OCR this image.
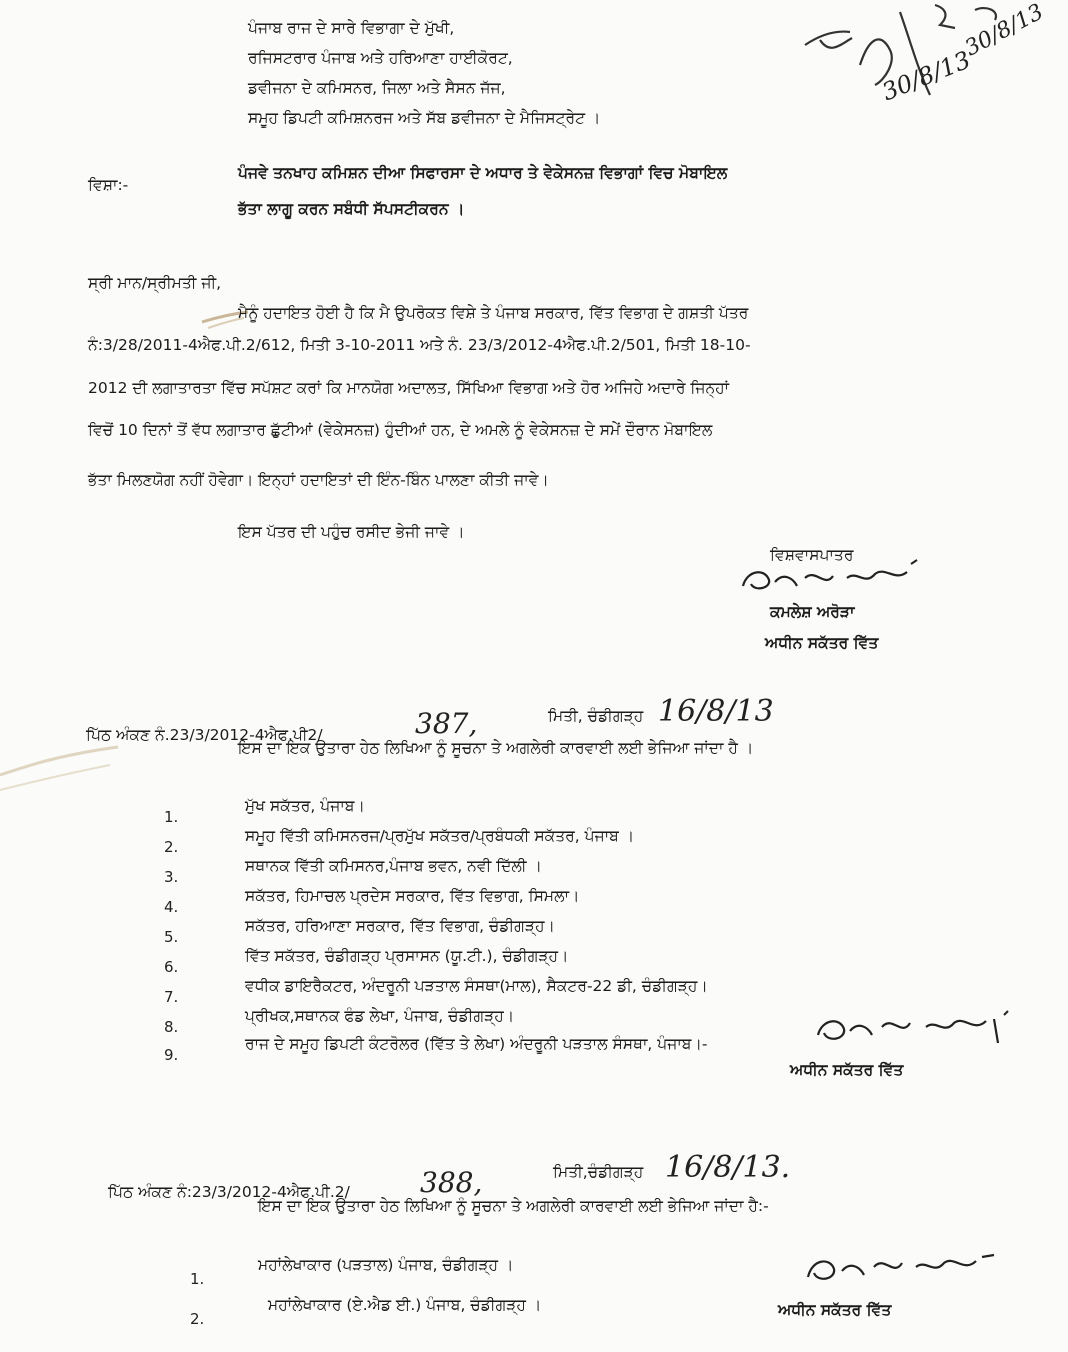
30/8/13
30/8/13
ਪੰਜਾਬ ਰਾਜ ਦੇ ਸਾਰੇ ਵਿਭਾਗਾ ਦੇ ਮੁੱਖੀ,
ਰਜਿਸਟਰਾਰ ਪੰਜਾਬ ਅਤੇ ਹਰਿਆਣਾ ਹਾਈਕੋਰਟ,
ਡਵੀਜਨਾ ਦੇ ਕਮਿਸਨਰ, ਜਿਲਾ ਅਤੇ ਸੈਸਨ ਜੱਜ,
ਸਮੂਹ ਡਿਪਟੀ ਕਮਿਸ਼ਨਰਜ ਅਤੇ ਸੱਬ ਡਵੀਜਨਾ ਦੇ ਮੈਜਿਸਟ੍ਰੇਟ ।
ਵਿਸ਼ਾ:-
ਪੰਜਵੇ ਤਨਖਾਹ ਕਮਿਸ਼ਨ ਦੀਆ ਸਿਫਾਰਸਾ ਦੇ ਅਧਾਰ ਤੇ ਵੇਕੇਸਨਜ਼ ਵਿਭਾਗਾਂ ਵਿਚ ਮੋਬਾਇਲ
ਭੱਤਾ ਲਾਗੂ ਕਰਨ ਸਬੰਧੀ ਸੱਪਸਟੀਕਰਨ ।
ਸ੍ਰੀ ਮਾਨ/ਸ੍ਰੀਮਤੀ ਜੀ,
ਮੈਨੂੰ ਹਦਾਇਤ ਹੋਈ ਹੈ ਕਿ ਮੈ ਉਪਰੋਕਤ ਵਿਸ਼ੇ ਤੇ ਪੰਜਾਬ ਸਰਕਾਰ, ਵਿੱਤ ਵਿਭਾਗ ਦੇ ਗਸ਼ਤੀ ਪੱਤਰ
ਨੰ:3/28/2011-4ਐਫ.ਪੀ.2/612, ਮਿਤੀ 3-10-2011 ਅਤੇ ਨੰ. 23/3/2012-4ਐਫ.ਪੀ.2/501, ਮਿਤੀ 18-10-
2012 ਦੀ ਲਗਾਤਾਰਤਾ ਵਿੱਚ ਸਪੱਸ਼ਟ ਕਰਾਂ ਕਿ ਮਾਨਯੋਗ ਅਦਾਲਤ, ਸਿੱਖਿਆ ਵਿਭਾਗ ਅਤੇ ਹੋਰ ਅਜਿਹੇ ਅਦਾਰੇ ਜਿਨ੍ਹਾਂ
ਵਿਚੋਂ 10 ਦਿਨਾਂ ਤੋਂ ਵੱਧ ਲਗਾਤਾਰ ਛੁੱਟੀਆਂ (ਵੇਕੇਸਨਜ਼) ਹੁੰਦੀਆਂ ਹਨ, ਦੇ ਅਮਲੇ ਨੂੰ ਵੇਕੇਸਨਜ਼ ਦੇ ਸਮੇਂ ਦੌਰਾਨ ਮੋਬਾਇਲ
ਭੱਤਾ ਮਿਲਣਯੋਗ ਨਹੀਂ ਹੋਵੇਗਾ। ਇਨ੍ਹਾਂ ਹਦਾਇਤਾਂ ਦੀ ਇੰਨ-ਬਿੰਨ ਪਾਲਣਾ ਕੀਤੀ ਜਾਵੇ।
ਇਸ ਪੱਤਰ ਦੀ ਪਹੁੰਚ ਰਸੀਦ ਭੇਜੀ ਜਾਵੇ ।
ਵਿਸ਼ਵਾਸਪਾਤਰ
ਕਮਲੇਸ਼ ਅਰੋੜਾ
ਅਧੀਨ ਸਕੱਤਰ ਵਿੱਤ
ਪਿੱਠ ਅੰਕਣ ਨੰ.23/3/2012-4ਐਫ.ਪੀ2/	387,	ਮਿਤੀ, ਚੰਡੀਗੜ੍ਹ 16/8/13
ਇਸ ਦਾ ਇਕ ਉਤਾਰਾ ਹੇਠ ਲਿਖਿਆ ਨੂੰ ਸੂਚਨਾ ਤੇ ਅਗਲੇਰੀ ਕਾਰਵਾਈ ਲਈ ਭੇਜਿਆ ਜਾਂਦਾ ਹੈ ।
1.
ਮੁੱਖ ਸਕੱਤਰ, ਪੰਜਾਬ।
2.
ਸਮੂਹ ਵਿੱਤੀ ਕਮਿਸਨਰਜ/ਪ੍ਰਮੁੱਖ ਸਕੱਤਰ/ਪ੍ਰਬੰਧਕੀ ਸਕੱਤਰ, ਪੰਜਾਬ ।
3.
ਸਥਾਨਕ ਵਿੱਤੀ ਕਮਿਸਨਰ,ਪੰਜਾਬ ਭਵਨ, ਨਵੀ ਦਿੱਲੀ ।
4.
ਸਕੱਤਰ, ਹਿਮਾਚਲ ਪ੍ਰਦੇਸ ਸਰਕਾਰ, ਵਿੱਤ ਵਿਭਾਗ, ਸਿਮਲਾ।
5.
ਸਕੱਤਰ, ਹਰਿਆਣਾ ਸਰਕਾਰ, ਵਿੱਤ ਵਿਭਾਗ, ਚੰਡੀਗੜ੍ਹ।
6.
ਵਿੱਤ ਸਕੱਤਰ, ਚੰਡੀਗੜ੍ਹ ਪ੍ਰਸਾਸਨ (ਯੂ.ਟੀ.), ਚੰਡੀਗੜ੍ਹ।
7.
ਵਧੀਕ ਡਾਇਰੈਕਟਰ, ਅੰਦਰੂਨੀ ਪੜਤਾਲ ਸੰਸਥਾ(ਮਾਲ), ਸੈਕਟਰ-22 ਡੀ, ਚੰਡੀਗੜ੍ਹ।
8.
ਪ੍ਰੀਖਕ,ਸਥਾਨਕ ਫੰਡ ਲੇਖਾ, ਪੰਜਾਬ, ਚੰਡੀਗੜ੍ਹ।
9.
ਰਾਜ ਦੇ ਸਮੂਹ ਡਿਪਟੀ ਕੰਟਰੋਲਰ (ਵਿੱਤ ਤੇ ਲੇਖਾ) ਅੰਦਰੂਨੀ ਪੜਤਾਲ ਸੰਸਥਾ, ਪੰਜਾਬ।-
ਅਧੀਨ ਸਕੱਤਰ ਵਿੱਤ
ਪਿੱਠ ਅੰਕਣ ਨੰ:23/3/2012-4ਐਫ.ਪੀ.2/	388,	ਮਿਤੀ,ਚੰਡੀਗੜ੍ਹ 16/8/13.
ਇਸ ਦਾ ਇਕ ਉਤਾਰਾ ਹੇਠ ਲਿਖਿਆ ਨੂੰ ਸੂਚਨਾ ਤੇ ਅਗਲੇਰੀ ਕਾਰਵਾਈ ਲਈ ਭੇਜਿਆ ਜਾਂਦਾ ਹੈ:-
1.
ਮਹਾਂਲੇਖਾਕਾਰ (ਪੜਤਾਲ) ਪੰਜਾਬ, ਚੰਡੀਗੜ੍ਹ ।
2.
ਮਹਾਂਲੇਖਾਕਾਰ (ਏ.ਐਡ ਈ.) ਪੰਜਾਬ, ਚੰਡੀਗੜ੍ਹ ।	ਅਧੀਨ ਸਕੱਤਰ ਵਿੱਤ
